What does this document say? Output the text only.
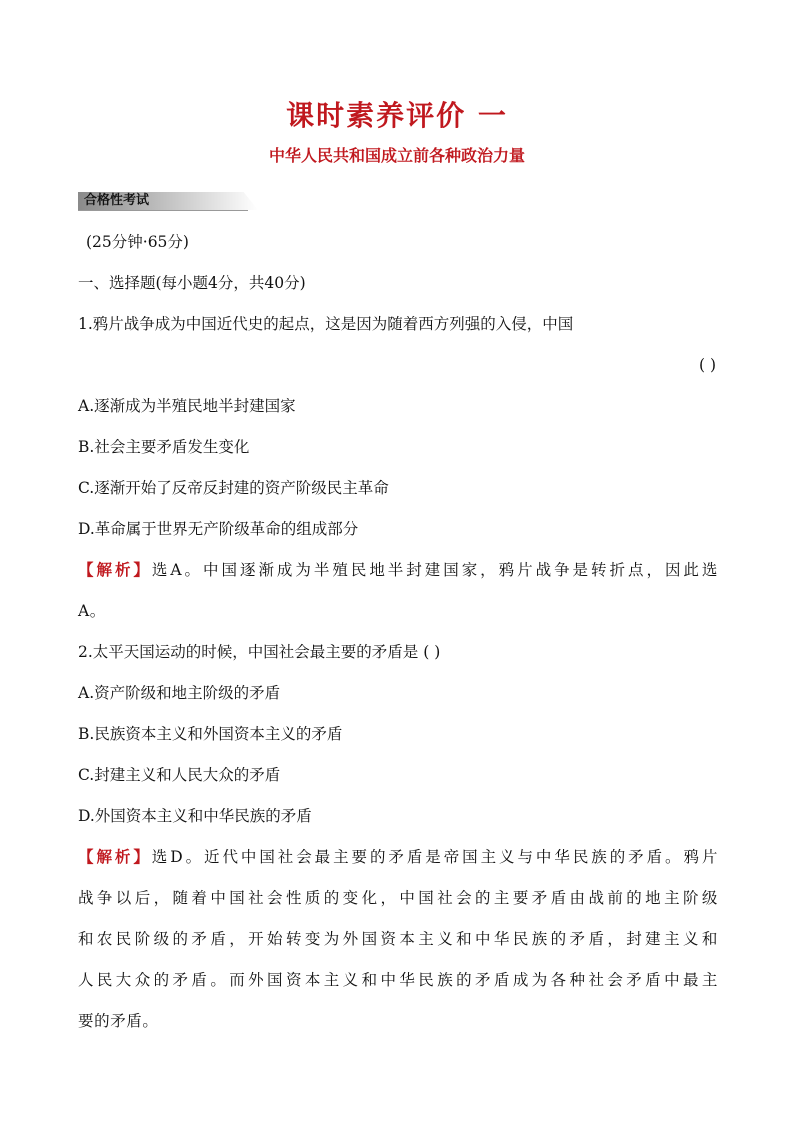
课时素养评价 一
中华人民共和国成立前各种政治力量
合格性考试
(25分钟·65分)
一、选择题(每小题4分，共40分)
1.鸦片战争成为中国近代史的起点，这是因为随着西方列强的入侵，中国
( )
A.逐渐成为半殖民地半封建国家
B.社会主要矛盾发生变化
C.逐渐开始了反帝反封建的资产阶级民主革命
D.革命属于世界无产阶级革命的组成部分
【解析】选A。中国逐渐成为半殖民地半封建国家，鸦片战争是转折点，因此选
A。
2.太平天国运动的时候，中国社会最主要的矛盾是 ( )
A.资产阶级和地主阶级的矛盾
B.民族资本主义和外国资本主义的矛盾
C.封建主义和人民大众的矛盾
D.外国资本主义和中华民族的矛盾
【解析】选D。近代中国社会最主要的矛盾是帝国主义与中华民族的矛盾。鸦片
战争以后，随着中国社会性质的变化，中国社会的主要矛盾由战前的地主阶级
和农民阶级的矛盾，开始转变为外国资本主义和中华民族的矛盾，封建主义和
人民大众的矛盾。而外国资本主义和中华民族的矛盾成为各种社会矛盾中最主
要的矛盾。
